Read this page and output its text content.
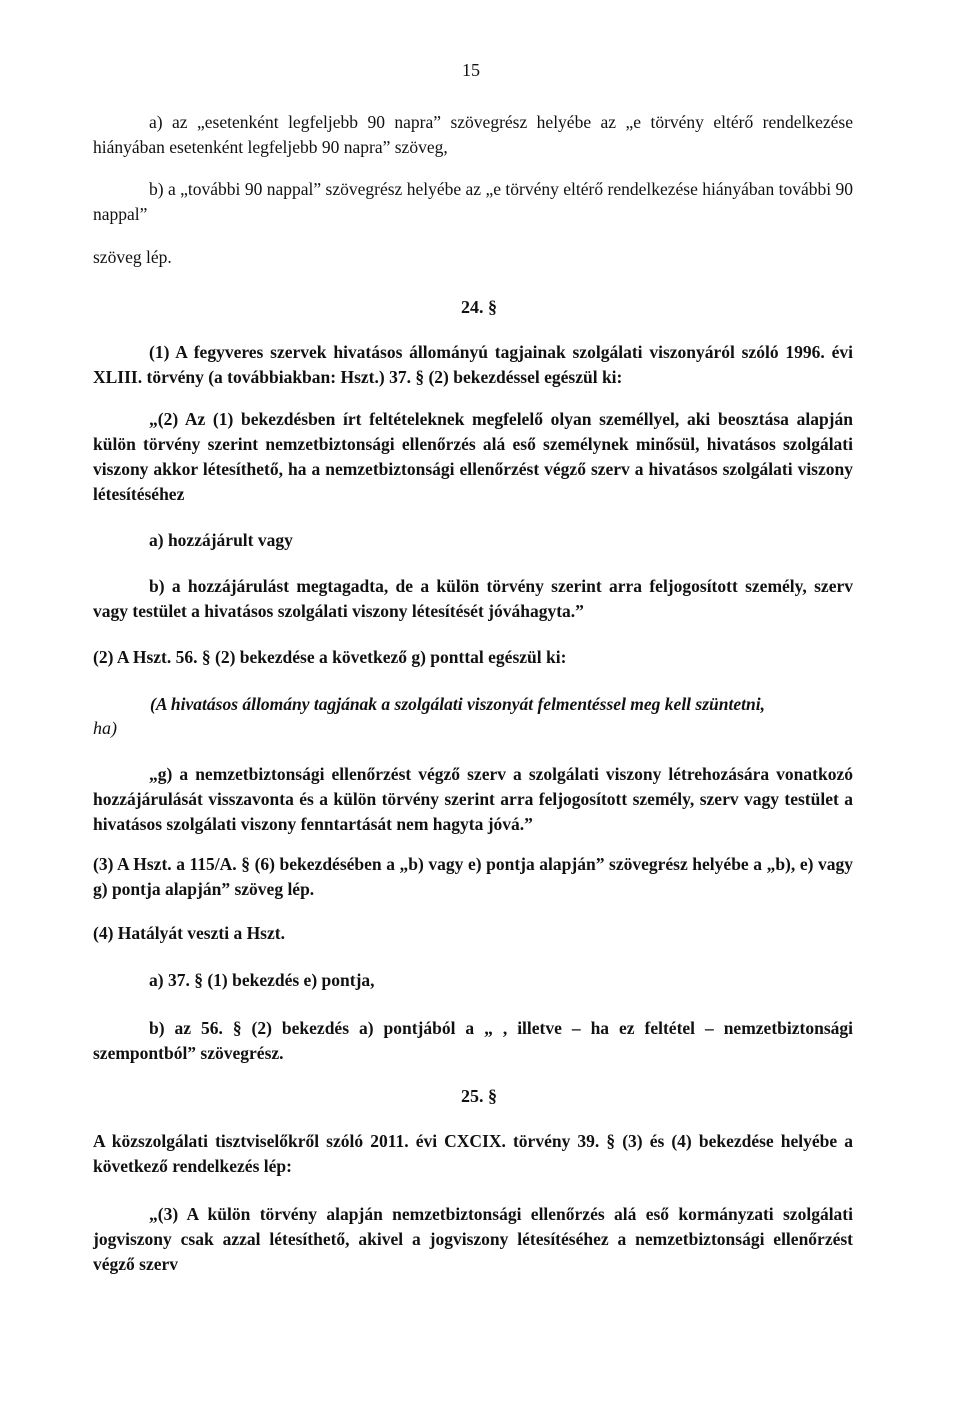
15

a) az „esetenként legfeljebb 90 napra” szövegrész helyébe az „e törvény eltérő rendelkezése hiányában esetenként legfeljebb 90 napra” szöveg,

b) a „további 90 nappal” szövegrész helyébe az „e törvény eltérő rendelkezése hiányában további 90 nappal”

szöveg lép.

24. §

(1) A fegyveres szervek hivatásos állományú tagjainak szolgálati viszonyáról szóló 1996. évi XLIII. törvény (a továbbiakban: Hszt.) 37. § (2) bekezdéssel egészül ki:

„(2) Az (1) bekezdésben írt feltételeknek megfelelő olyan személlyel, aki beosztása alapján külön törvény szerint nemzetbiztonsági ellenőrzés alá eső személynek minősül, hivatásos szolgálati viszony akkor létesíthető, ha a nemzetbiztonsági ellenőrzést végző szerv a hivatásos szolgálati viszony létesítéséhez

a) hozzájárult vagy

b) a hozzájárulást megtagadta, de a külön törvény szerint arra feljogosított személy, szerv vagy testület a hivatásos szolgálati viszony létesítését jóváhagyta.”

(2) A Hszt. 56. § (2) bekezdése a következő g) ponttal egészül ki:

(A hivatásos állomány tagjának a szolgálati viszonyát felmentéssel meg kell szüntetni,

ha)

„g) a nemzetbiztonsági ellenőrzést végző szerv a szolgálati viszony létrehozására vonatkozó hozzájárulását visszavonta és a külön törvény szerint arra feljogosított személy, szerv vagy testület a hivatásos szolgálati viszony fenntartását nem hagyta jóvá.”

(3) A Hszt. a 115/A. § (6) bekezdésében a „b) vagy e) pontja alapján” szövegrész helyébe a „b), e) vagy g) pontja alapján” szöveg lép.

(4) Hatályát veszti a Hszt.

a) 37. § (1) bekezdés e) pontja,

b) az 56. § (2) bekezdés a) pontjából a „ , illetve – ha ez feltétel – nemzetbiztonsági szempontból” szövegrész.

25. §

A közszolgálati tisztviselőkről szóló 2011. évi CXCIX. törvény 39. § (3) és (4) bekezdése helyébe a következő rendelkezés lép:

„(3) A külön törvény alapján nemzetbiztonsági ellenőrzés alá eső kormányzati szolgálati jogviszony csak azzal létesíthető, akivel a jogviszony létesítéséhez a nemzetbiztonsági ellenőrzést végző szerv
